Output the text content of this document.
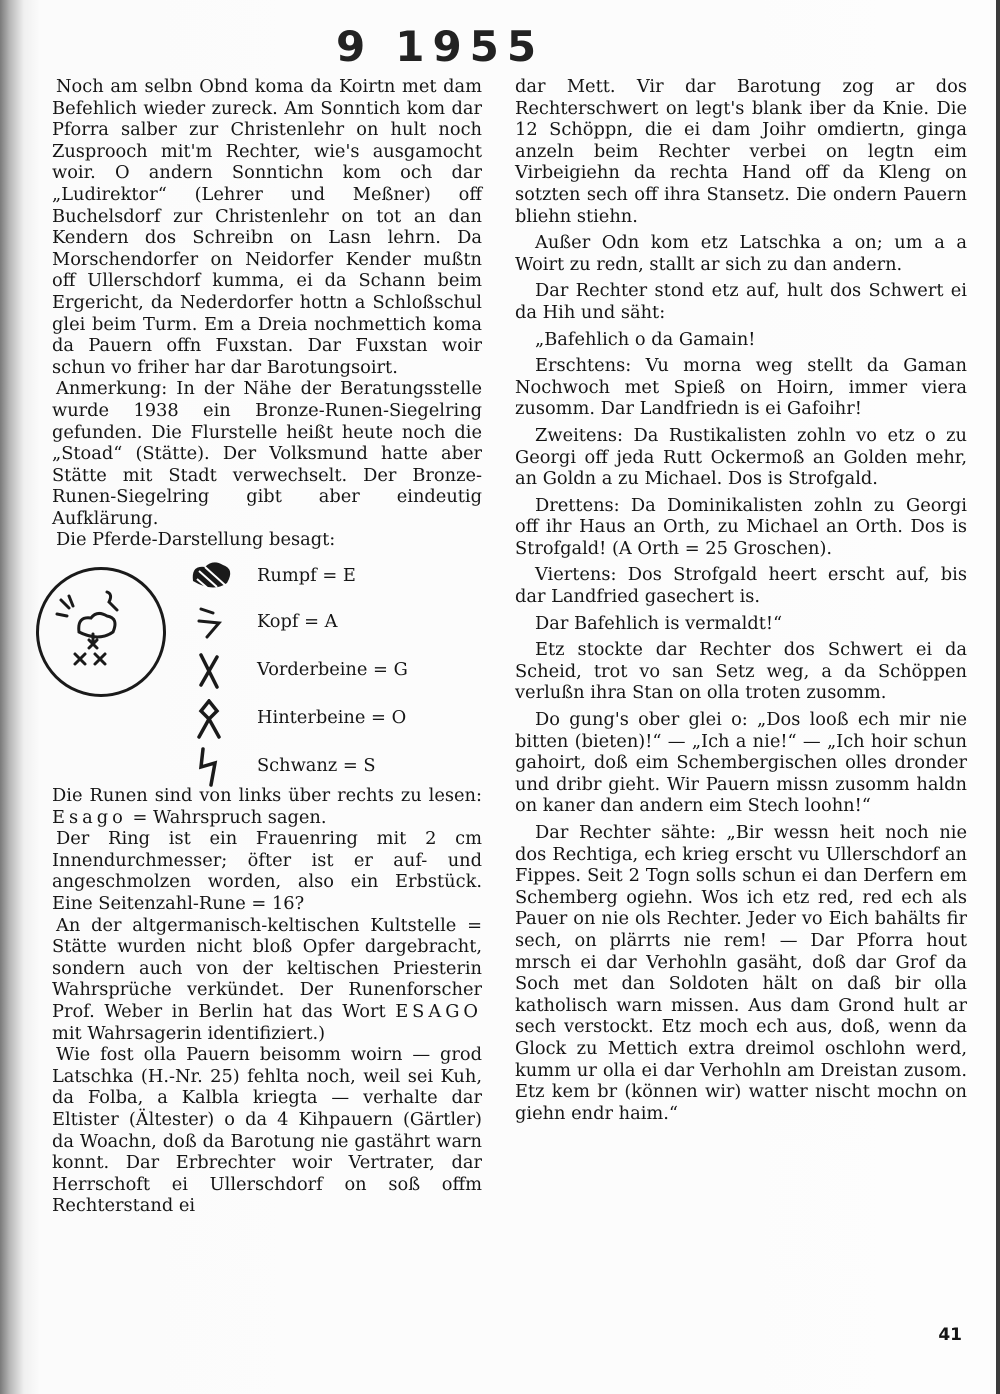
9 1955

Noch am selbn Obnd koma da Koirtn met dam Befehlich wieder zureck. Am Sonntich kom dar Pforra salber zur Christenlehr on hult noch Zusprooch mit'm Rechter, wie's ausgamocht woir. O andern Sonntichn kom och dar „Ludirektor“ (Lehrer und Meßner) off Buchelsdorf zur Christenlehr on tot an dan Kendern dos Schreibn on Lasn lehrn. Da Morschendorfer on Neidorfer Kender mußtn off Ullerschdorf kumma, ei da Schann beim Ergericht, da Nederdorfer hottn a Schloßschul glei beim Turm. Em a Dreia nochmettich koma da Pauern offn Fuxstan. Dar Fuxstan woir schun vo friher har dar Barotungsoirt.

Anmerkung: In der Nähe der Beratungsstelle wurde 1938 ein Bronze-Runen-Siegelring gefunden. Die Flurstelle heißt heute noch die „Stoad“ (Stätte). Der Volksmund hatte aber Stätte mit Stadt verwechselt. Der Bronze-Runen-Siegelring gibt aber eindeutig Aufklärung.

Die Pferde-Darstellung besagt:

Rumpf = E
Kopf = A
Vorderbeine = G
Hinterbeine = O
Schwanz = S

Die Runen sind von links über rechts zu lesen: Esago = Wahrspruch sagen.

Der Ring ist ein Frauenring mit 2 cm Innendurchmesser; öfter ist er auf- und angeschmolzen worden, also ein Erbstück. Eine Seitenzahl-Rune = 16?

An der altgermanisch-keltischen Kultstelle = Stätte wurden nicht bloß Opfer dargebracht, sondern auch von der keltischen Priesterin Wahrsprüche verkündet. Der Runenforscher Prof. Weber in Berlin hat das Wort ESAGO mit Wahrsagerin identifiziert.)

Wie fost olla Pauern beisomm woirn — grod Latschka (H.-Nr. 25) fehlta noch, weil sei Kuh, da Folba, a Kalbla kriegta — verhalte dar Eltister (Ältester) o da 4 Kihpauern (Gärtler) da Woachn, doß da Barotung nie gastährt warn konnt. Dar Erbrechter woir Vertrater, dar Herrschoft ei Ullerschdorf on soß offm Rechterstand ei

dar Mett. Vir dar Barotung zog ar dos Rechterschwert on legt's blank iber da Knie. Die 12 Schöppn, die ei dam Joihr omdiertn, ginga anzeln beim Rechter verbei on legtn eim Virbeigiehn da rechta Hand off da Kleng on sotzten sech off ihra Stansetz. Die ondern Pauern bliehn stiehn.

Außer Odn kom etz Latschka a on; um a a Woirt zu redn, stallt ar sich zu dan andern.

Dar Rechter stond etz auf, hult dos Schwert ei da Hih und säht:

„Bafehlich o da Gamain!

Erschtens: Vu morna weg stellt da Gaman Nochwoch met Spieß on Hoirn, immer viera zusomm. Dar Landfriedn is ei Gafoihr!

Zweitens: Da Rustikalisten zohln vo etz o zu Georgi off jeda Rutt Ockermoß an Golden mehr, an Goldn a zu Michael. Dos is Strofgald.

Drettens: Da Dominikalisten zohln zu Georgi off ihr Haus an Orth, zu Michael an Orth. Dos is Strofgald! (A Orth = 25 Groschen).

Viertens: Dos Strofgald heert erscht auf, bis dar Landfried gasechert is.

Dar Bafehlich is vermaldt!“

Etz stockte dar Rechter dos Schwert ei da Scheid, trot vo san Setz weg, a da Schöppen verlußn ihra Stan on olla troten zusomm.

Do gung's ober glei o: „Dos looß ech mir nie bitten (bieten)!“ — „Ich a nie!“ — „Ich hoir schun gahoirt, doß eim Schembergischen olles dronder und dribr gieht. Wir Pauern missn zusomm haldn on kaner dan andern eim Stech loohn!“

Dar Rechter sähte: „Bir wessn heit noch nie dos Rechtiga, ech krieg erscht vu Ullerschdorf an Fippes. Seit 2 Togn solls schun ei dan Derfern em Schemberg ogiehn. Wos ich etz red, red ech als Pauer on nie ols Rechter. Jeder vo Eich bahälts fir sech, on plärrts nie rem! — Dar Pforra hout mrsch ei dar Verhohln gasäht, doß dar Grof da Soch met dan Soldoten hält on daß bir olla katholisch warn missen. Aus dam Grond hult ar sech verstockt. Etz moch ech aus, doß, wenn da Glock zu Mettich extra dreimol oschlohn werd, kumm ur olla ei dar Verhohln am Dreistan zusom. Etz kem br (können wir) watter nischt mochn on giehn endr haim.“

41
